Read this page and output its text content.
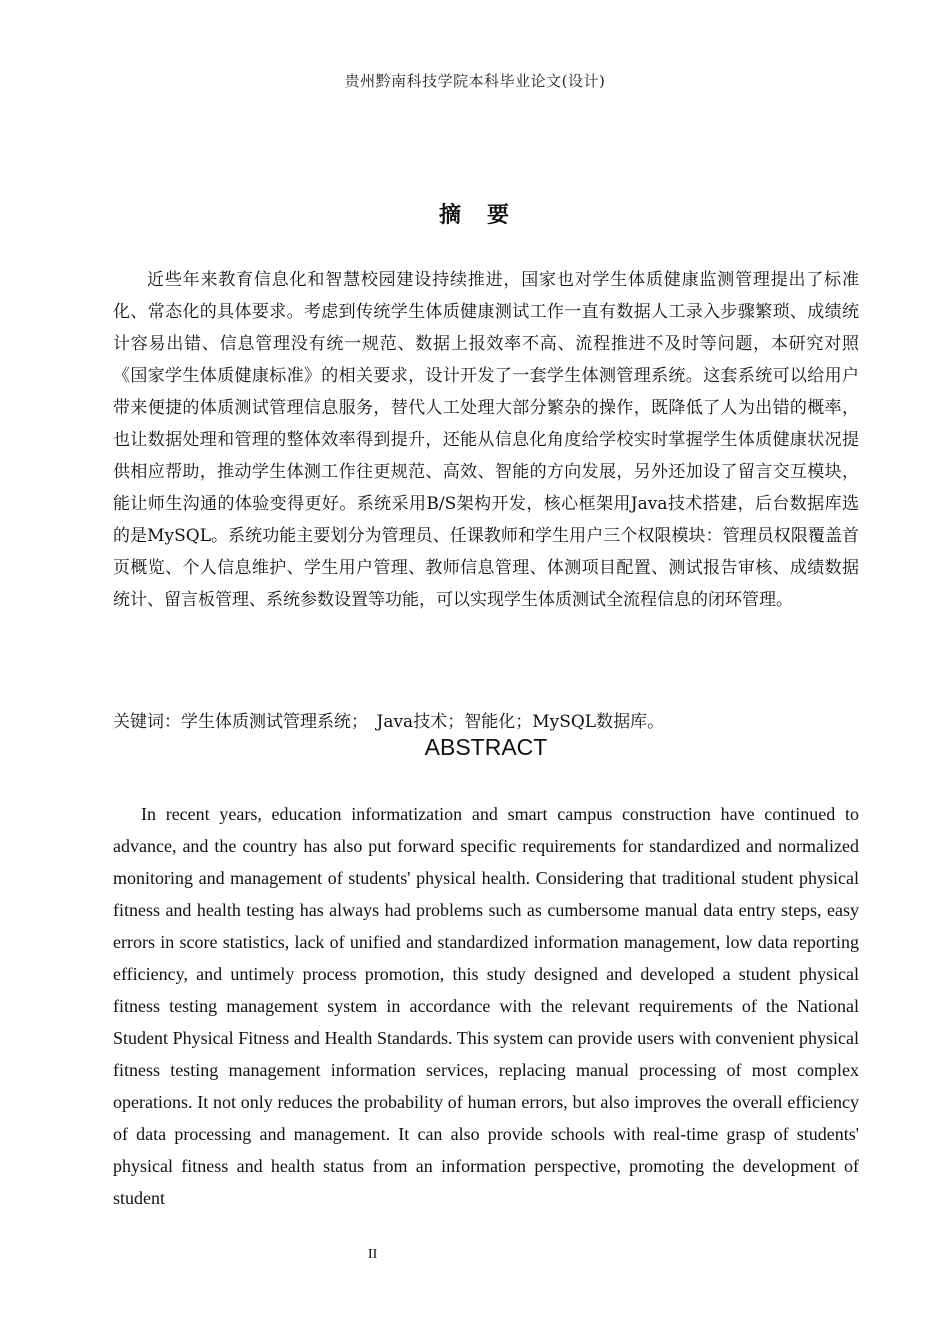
贵州黔南科技学院本科毕业论文(设计)
摘　要

近些年来教育信息化和智慧校园建设持续推进，国家也对学生体质健康监测管理提出了标准化、常态化的具体要求。考虑到传统学生体质健康测试工作一直有数据人工录入步骤繁琐、成绩统计容易出错、信息管理没有统一规范、数据上报效率不高、流程推进不及时等问题，本研究对照《国家学生体质健康标准》的相关要求，设计开发了一套学生体测管理系统。这套系统可以给用户带来便捷的体质测试管理信息服务，替代人工处理大部分繁杂的操作，既降低了人为出错的概率，也让数据处理和管理的整体效率得到提升，还能从信息化角度给学校实时掌握学生体质健康状况提供相应帮助，推动学生体测工作往更规范、高效、智能的方向发展，另外还加设了留言交互模块，能让师生沟通的体验变得更好。系统采用B/S架构开发，核心框架用Java技术搭建，后台数据库选的是MySQL。系统功能主要划分为管理员、任课教师和学生用户三个权限模块：管理员权限覆盖首页概览、个人信息维护、学生用户管理、教师信息管理、体测项目配置、测试报告审核、成绩数据统计、留言板管理、系统参数设置等功能，可以实现学生体质测试全流程信息的闭环管理。

关键词：学生体质测试管理系统；　Java技术；智能化；MySQL数据库。

ABSTRACT

In recent years, education informatization and smart campus construction have continued to advance, and the country has also put forward specific requirements for standardized and normalized monitoring and management of students' physical health. Considering that traditional student physical fitness and health testing has always had problems such as cumbersome manual data entry steps, easy errors in score statistics, lack of unified and standardized information management, low data reporting efficiency, and untimely process promotion, this study designed and developed a student physical fitness testing management system in accordance with the relevant requirements of the National Student Physical Fitness and Health Standards. This system can provide users with convenient physical fitness testing management information services, replacing manual processing of most complex operations. It not only reduces the probability of human errors, but also improves the overall efficiency of data processing and management. It can also provide schools with real-time grasp of students' physical fitness and health status from an information perspective, promoting the development of student

II
